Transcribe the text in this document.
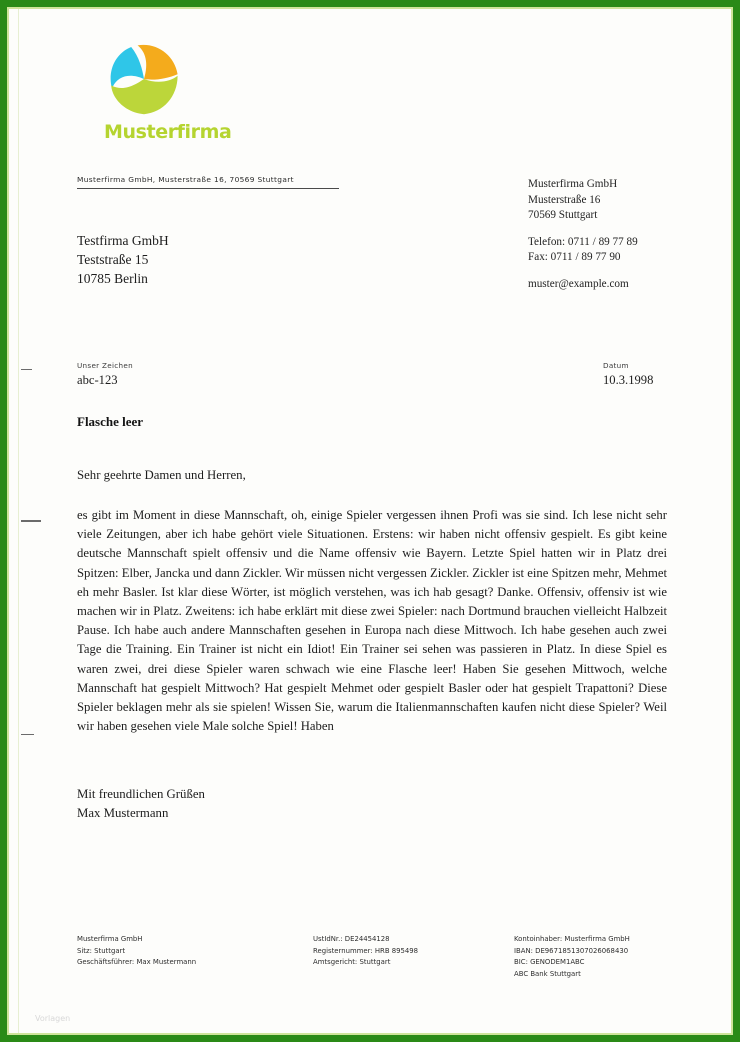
Musterfirma
Musterfirma GmbH, Musterstraße 16, 70569 Stuttgart
Testfirma GmbH
Teststraße 15
10785 Berlin
Musterfirma GmbH
Musterstraße 16
70569 Stuttgart
Telefon: 0711 / 89 77 89
Fax: 0711 / 89 77 90
muster@example.com
Unser Zeichen
abc-123
Datum
10.3.1998
Flasche leer
Sehr geehrte Damen und Herren,

es gibt im Moment in diese Mannschaft, oh, einige Spieler vergessen ihnen Profi was sie sind. Ich lese nicht sehr viele Zeitungen, aber ich habe gehört viele Situationen. Erstens: wir haben nicht offensiv gespielt. Es gibt keine deutsche Mannschaft spielt offensiv und die Name offensiv wie Bayern. Letzte Spiel hatten wir in Platz drei Spitzen: Elber, Jancka und dann Zickler. Wir müssen nicht vergessen Zickler. Zickler ist eine Spitzen mehr, Mehmet eh mehr Basler. Ist klar diese Wörter, ist möglich verstehen, was ich hab gesagt? Danke. Offensiv, offensiv ist wie machen wir in Platz. Zweitens: ich habe erklärt mit diese zwei Spieler: nach Dortmund brauchen vielleicht Halbzeit Pause. Ich habe auch andere Mannschaften gesehen in Europa nach diese Mittwoch. Ich habe gesehen auch zwei Tage die Training. Ein Trainer ist nicht ein Idiot! Ein Trainer sei sehen was passieren in Platz. In diese Spiel es waren zwei, drei diese Spieler waren schwach wie eine Flasche leer! Haben Sie gesehen Mittwoch, welche Mannschaft hat gespielt Mittwoch? Hat gespielt Mehmet oder gespielt Basler oder hat gespielt Trapattoni? Diese Spieler beklagen mehr als sie spielen! Wissen Sie, warum die Italienmannschaften kaufen nicht diese Spieler? Weil wir haben gesehen viele Male solche Spiel! Haben

Mit freundlichen Grüßen
Max Mustermann
Musterfirma GmbH
Sitz: Stuttgart
Geschäftsführer: Max Mustermann
UstIdNr.: DE24454128
Registernummer: HRB 895498
Amtsgericht: Stuttgart
Kontoinhaber: Musterfirma GmbH
IBAN: DE9671851307026068430
BIC: GENODEM1ABC
ABC Bank Stuttgart
Vorlagen
